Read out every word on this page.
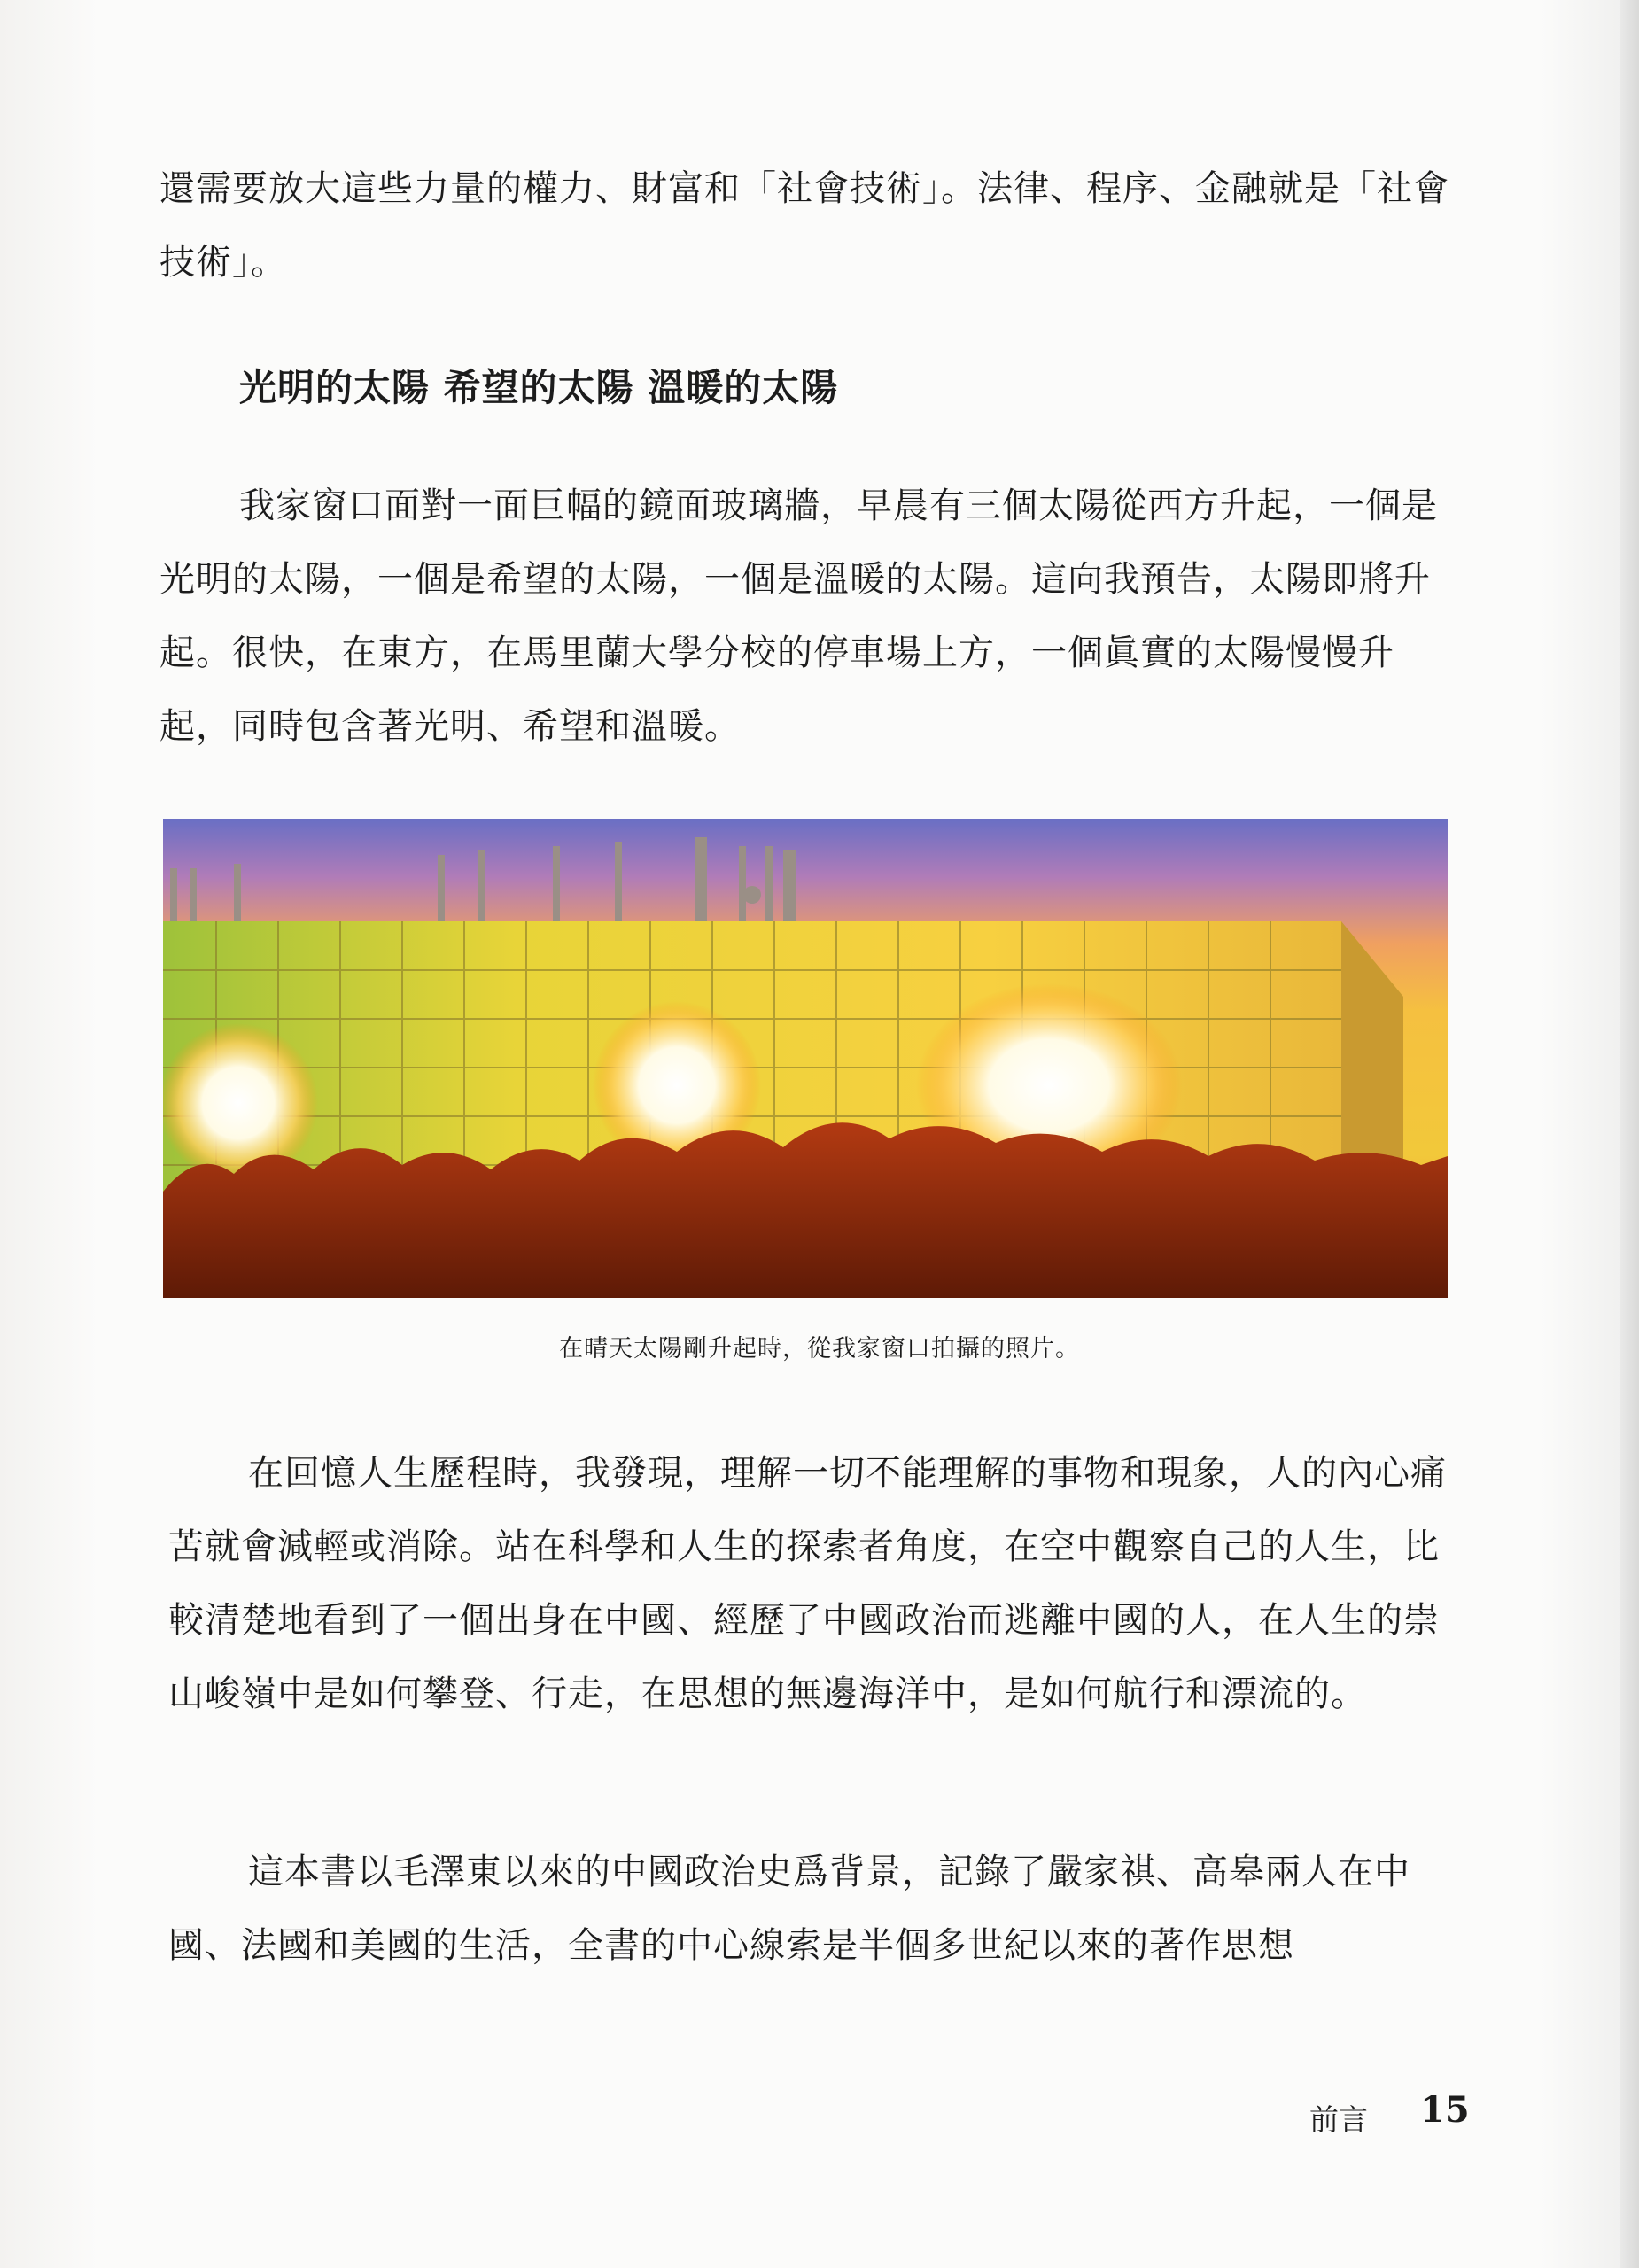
還需要放大這些力量的權力、財富和「社會技術」。法律、程序、金融就是「社會技術」。

光明的太陽 希望的太陽 溫暖的太陽

我家窗口面對一面巨幅的鏡面玻璃牆，早晨有三個太陽從西方升起，一個是光明的太陽，一個是希望的太陽，一個是溫暖的太陽。這向我預告，太陽即將升起。很快，在東方，在馬里蘭大學分校的停車場上方，一個眞實的太陽慢慢升起，同時包含著光明、希望和溫暖。

在晴天太陽剛升起時，從我家窗口拍攝的照片。

在回憶人生歷程時，我發現，理解一切不能理解的事物和現象，人的內心痛苦就會減輕或消除。站在科學和人生的探索者角度，在空中觀察自己的人生，比較清楚地看到了一個出身在中國、經歷了中國政治而逃離中國的人，在人生的崇山峻嶺中是如何攀登、行走，在思想的無邊海洋中，是如何航行和漂流的。

這本書以毛澤東以來的中國政治史爲背景，記錄了嚴家祺、高皋兩人在中國、法國和美國的生活，全書的中心線索是半個多世紀以來的著作思想

前言 15
